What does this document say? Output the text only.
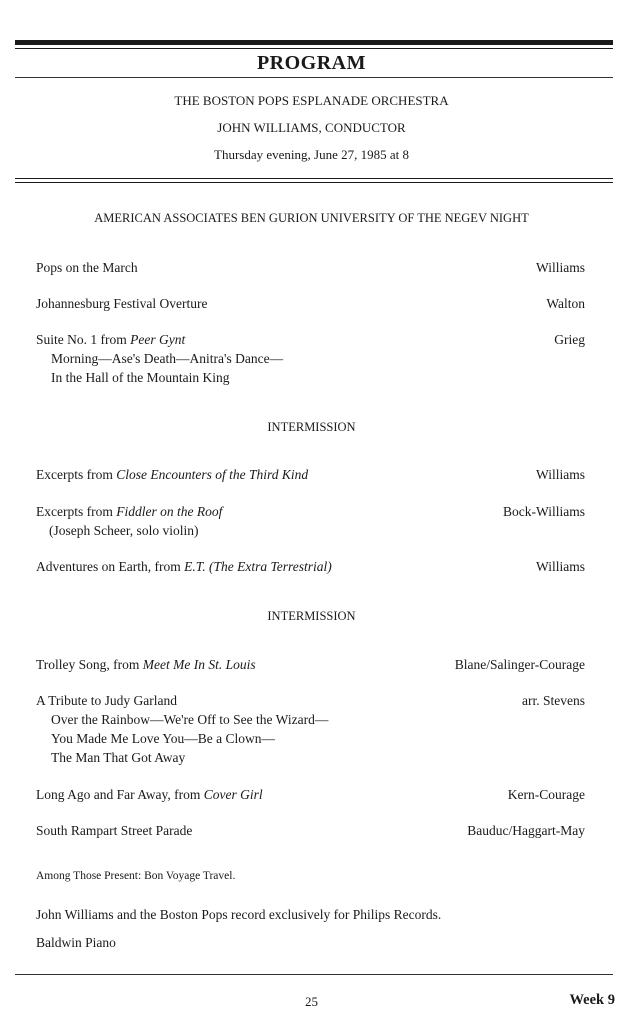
PROGRAM
THE BOSTON POPS ESPLANADE ORCHESTRA
JOHN WILLIAMS, CONDUCTOR
Thursday evening, June 27, 1985 at 8
AMERICAN ASSOCIATES BEN GURION UNIVERSITY OF THE NEGEV NIGHT
Pops on the March	Williams
Johannesburg Festival Overture	Walton
Suite No. 1 from Peer Gynt	Grieg
Morning—Ase's Death—Anitra's Dance—
In the Hall of the Mountain King
INTERMISSION
Excerpts from Close Encounters of the Third Kind	Williams
Excerpts from Fiddler on the Roof	Bock-Williams
(Joseph Scheer, solo violin)
Adventures on Earth, from E.T. (The Extra Terrestrial)	Williams
INTERMISSION
Trolley Song, from Meet Me In St. Louis	Blane/Salinger-Courage
A Tribute to Judy Garland	arr. Stevens
Over the Rainbow—We're Off to See the Wizard—
You Made Me Love You—Be a Clown—
The Man That Got Away
Long Ago and Far Away, from Cover Girl	Kern-Courage
South Rampart Street Parade	Bauduc/Haggart-May
Among Those Present: Bon Voyage Travel.
John Williams and the Boston Pops record exclusively for Philips Records.
Baldwin Piano
25	Week 9
